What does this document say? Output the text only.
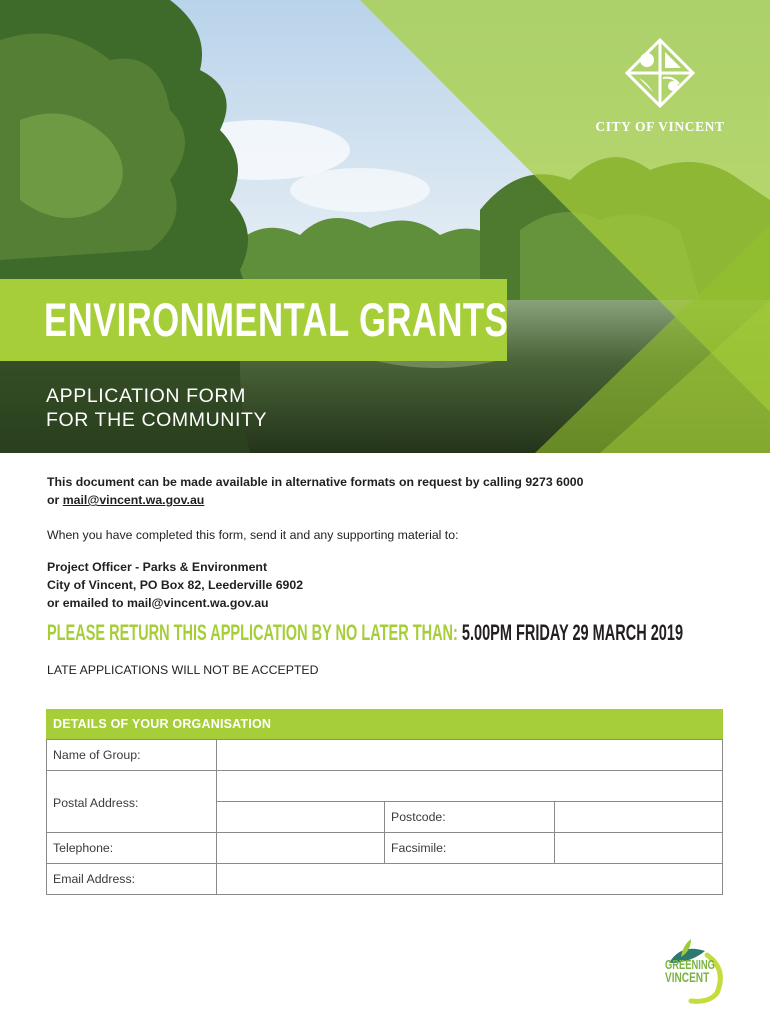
CITY OF VINCENT
ENVIRONMENTAL GRANTS
APPLICATION FORM
FOR THE COMMUNITY
This document can be made available in alternative formats on request by calling 9273 6000
or mail@vincent.wa.gov.au
When you have completed this form, send it and any supporting material to:
Project Officer - Parks & Environment
City of Vincent, PO Box 82, Leederville 6902
or emailed to mail@vincent.wa.gov.au
PLEASE RETURN THIS APPLICATION BY NO LATER THAN: 5.00PM FRIDAY 29 MARCH 2019
LATE APPLICATIONS WILL NOT BE ACCEPTED
DETAILS OF YOUR ORGANISATION
Name of Group:
Postal Address:
Postcode:
Telephone:	Facsimile:
Email Address:
GREENING
VINCENT
